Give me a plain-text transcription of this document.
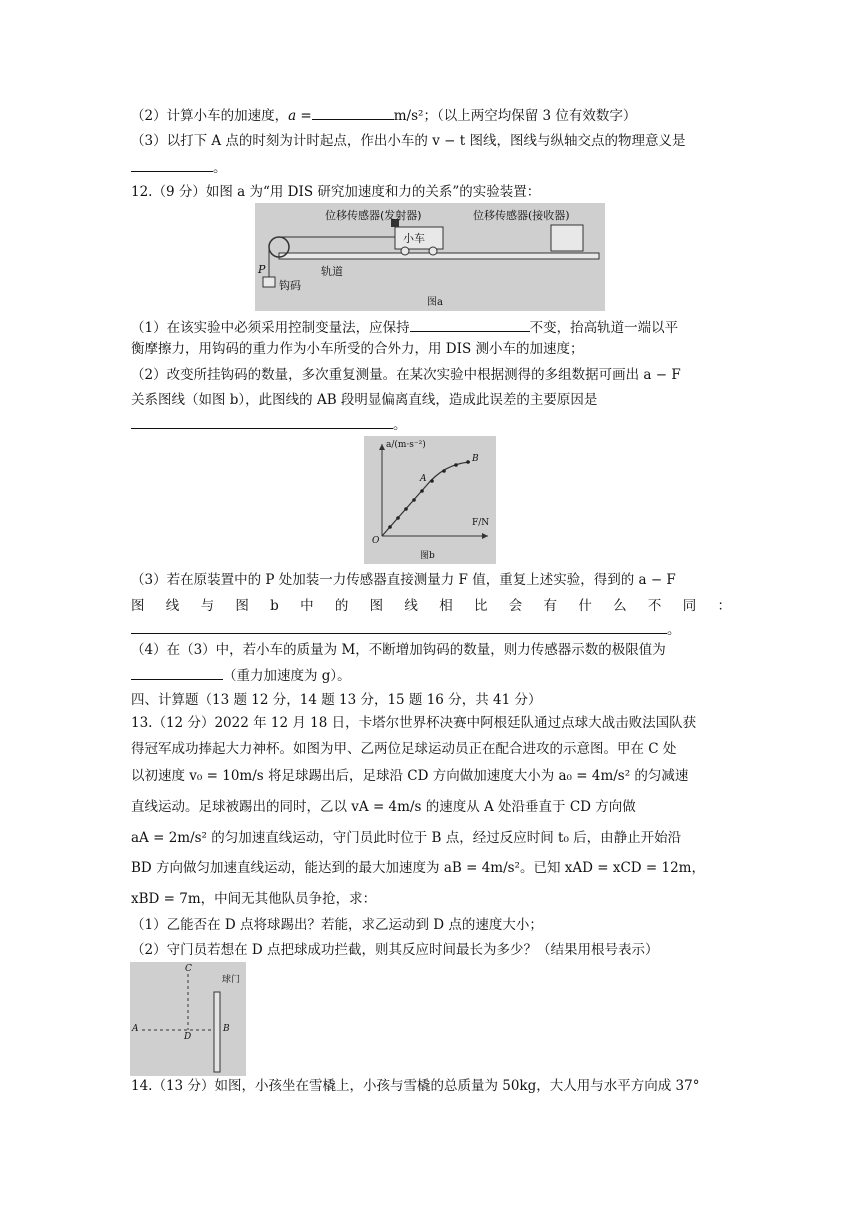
（2）计算小车的加速度，a =	m/s²；（以上两空均保留 3 位有效数字）
（3）以打下 A 点的时刻为计时起点，作出小车的 v − t 图线，图线与纵轴交点的物理意义是
。
12.（9 分）如图 a 为“用 DIS 研究加速度和力的关系”的实验装置：
位移传感器(发射器)	位移传感器(接收器)
小车
轨道
P
钩码
图a
（1）在该实验中必须采用控制变量法，应保持	不变，抬高轨道一端以平
衡摩擦力，用钩码的重力作为小车所受的合外力，用 DIS 测小车的加速度；
（2）改变所挂钩码的数量，多次重复测量。在某次实验中根据测得的多组数据可画出 a − F
关系图线（如图 b），此图线的 AB 段明显偏离直线，造成此误差的主要原因是
。
a/(m·s⁻²)
F/N
O
A
B
图b
（3）若在原装置中的 P 处加装一力传感器直接测量力 F 值，重复上述实验，得到的 a − F
图　线　与　图　b　中　的　图　线　相　比　会　有　什　么　不　同　：
。
（4）在（3）中，若小车的质量为 M，不断增加钩码的数量，则力传感器示数的极限值为
（重力加速度为 g）。
四、计算题（13 题 12 分，14 题 13 分，15 题 16 分，共 41 分）
13.（12 分）2022 年 12 月 18 日，卡塔尔世界杯决赛中阿根廷队通过点球大战击败法国队获
得冠军成功捧起大力神杯。如图为甲、乙两位足球运动员正在配合进攻的示意图。甲在 C 处
以初速度 v₀ = 10m/s 将足球踢出后，足球沿 CD 方向做加速度大小为 a₀ = 4m/s² 的匀减速
直线运动。足球被踢出的同时，乙以 vA = 4m/s 的速度从 A 处沿垂直于 CD 方向做
aA = 2m/s² 的匀加速直线运动，守门员此时位于 B 点，经过反应时间 t₀ 后，由静止开始沿
BD 方向做匀加速直线运动，能达到的最大加速度为 aB = 4m/s²。已知 xAD = xCD = 12m，
xBD = 7m，中间无其他队员争抢，求：
（1）乙能否在 D 点将球踢出？若能，求乙运动到 D 点的速度大小；
（2）守门员若想在 D 点把球成功拦截，则其反应时间最长为多少？（结果用根号表示）
C
A
D
B
球门
14.（13 分）如图，小孩坐在雪橇上，小孩与雪橇的总质量为 50kg，大人用与水平方向成 37°
